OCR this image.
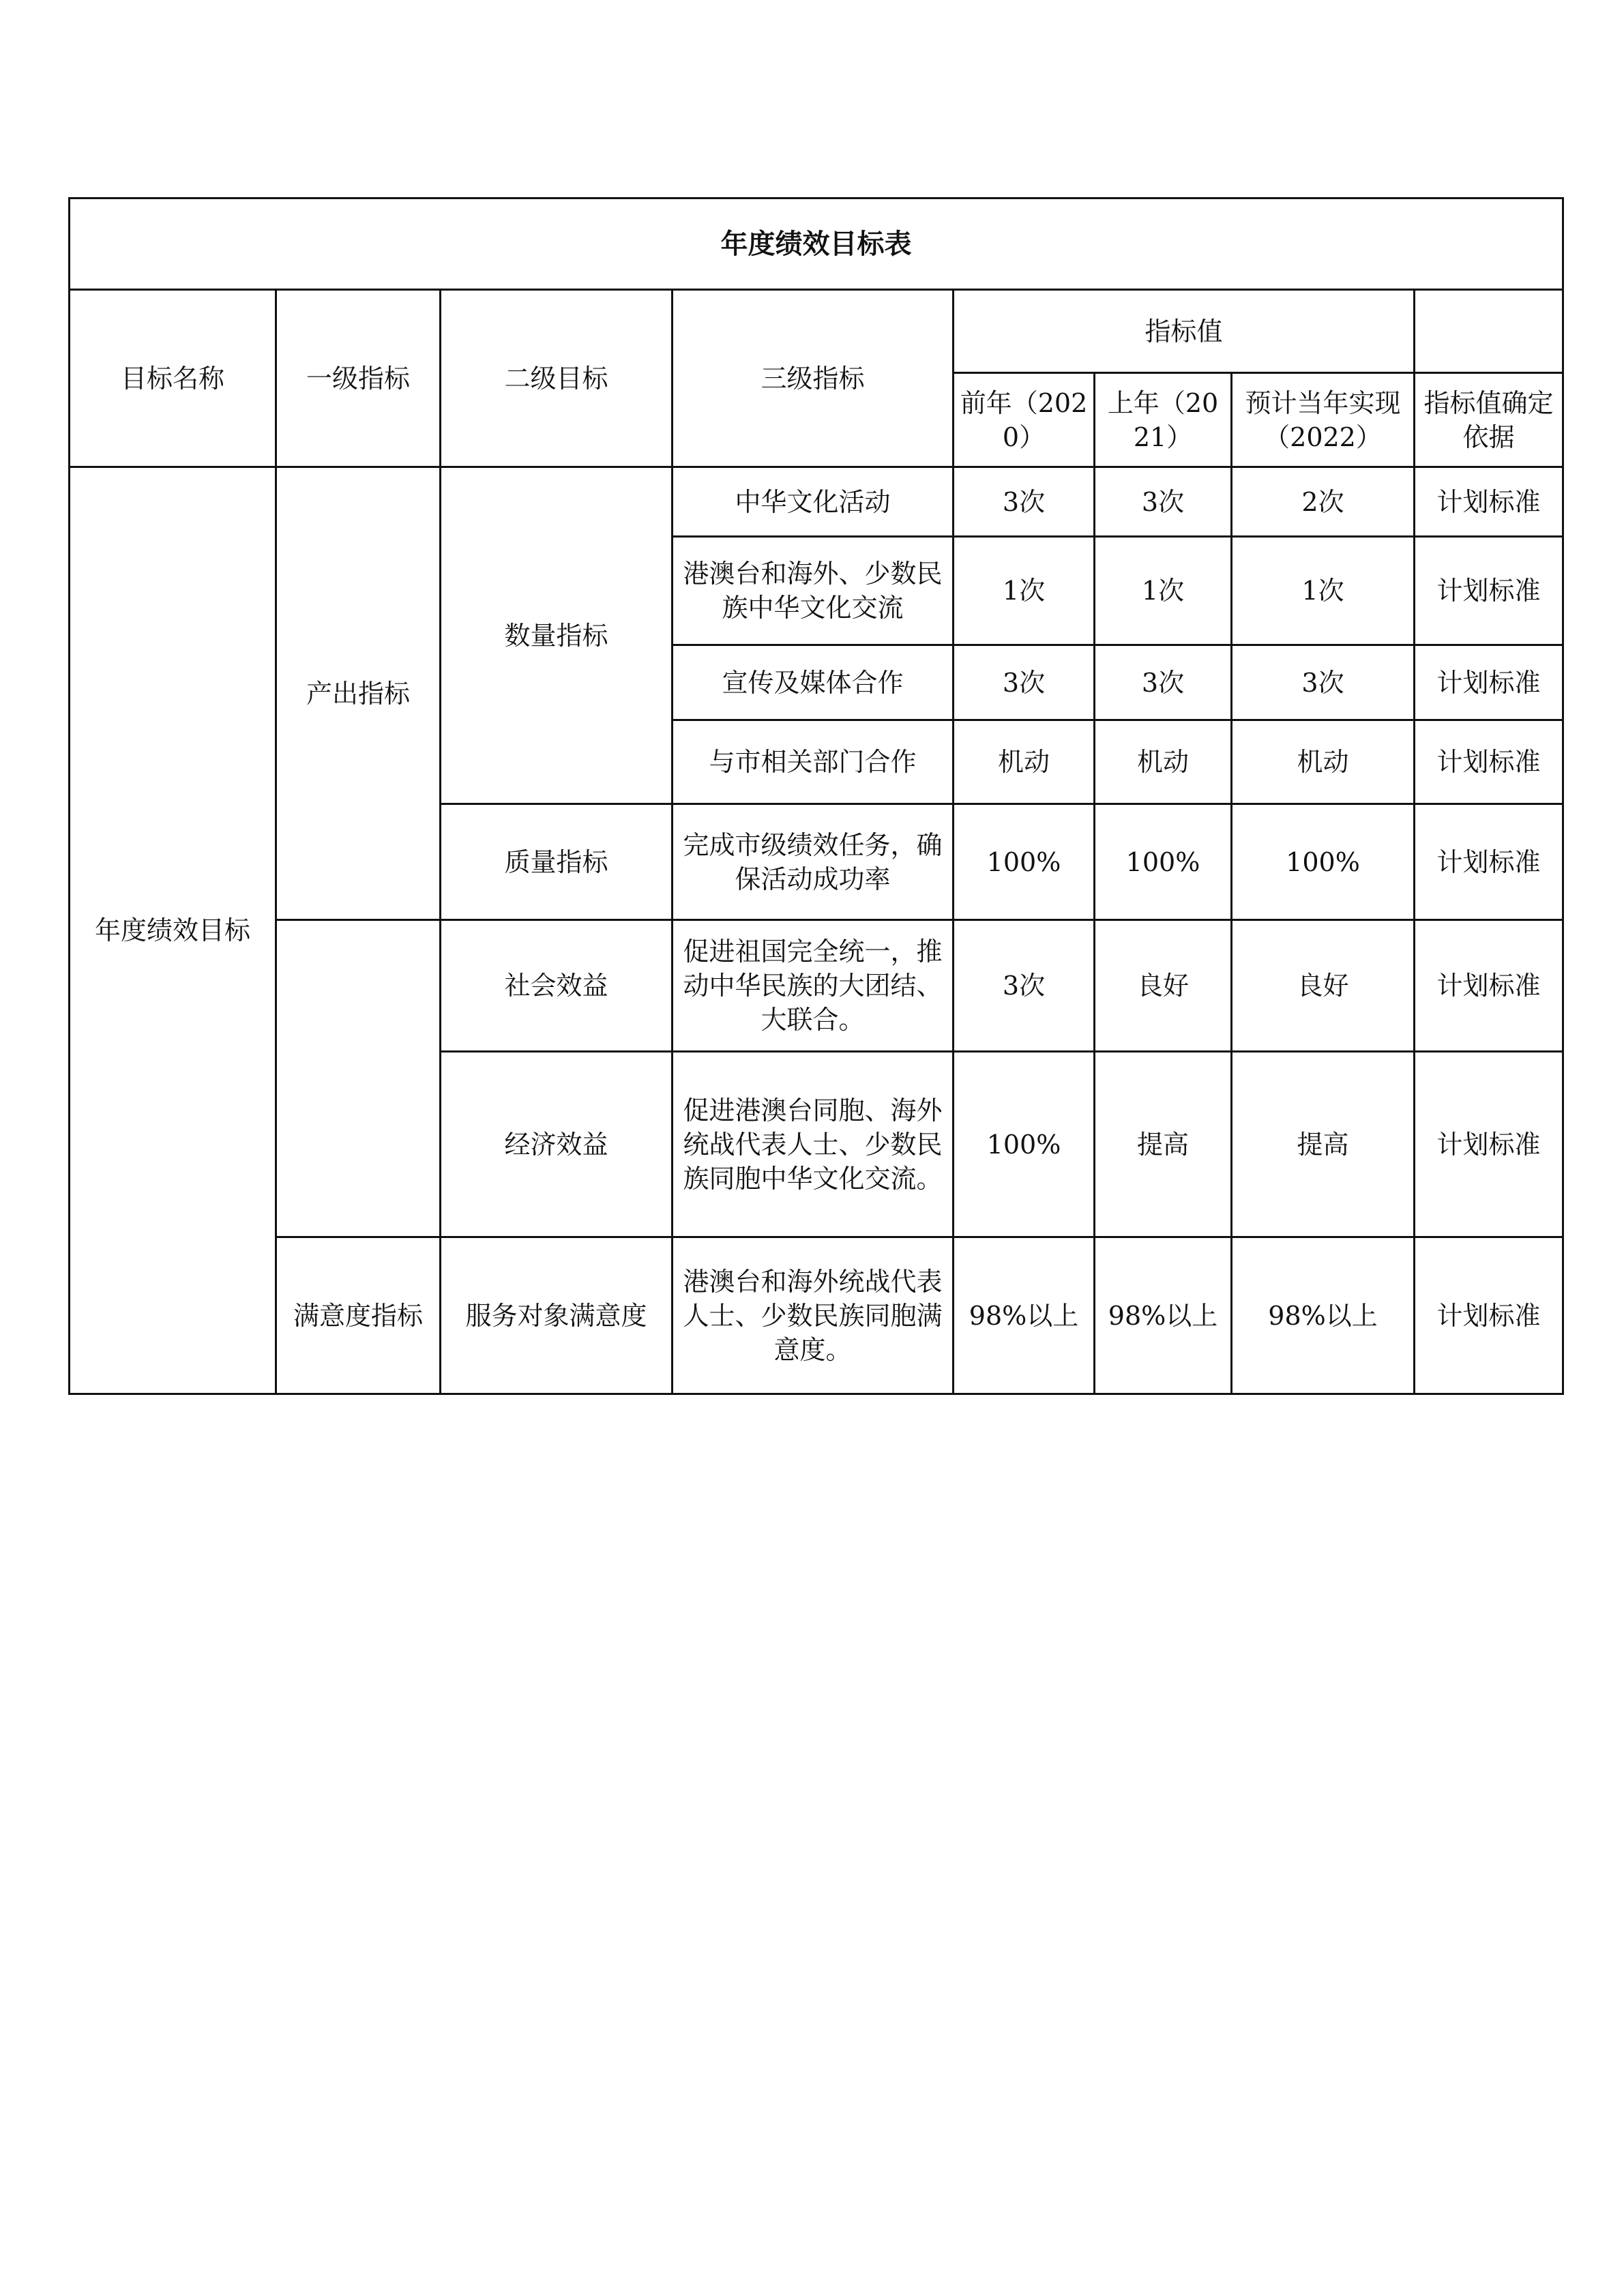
年度绩效目标表							
目标名称	一级指标	二级目标	三级指标	指标值			
				前年（2020）	上年（2021）	预计当年实现（2022）	指标值确定依据
年度绩效目标	产出指标	数量指标	中华文化活动	3次	3次	2次	计划标准
			港澳台和海外、少数民族中华文化交流	1次	1次	1次	计划标准
			宣传及媒体合作	3次	3次	3次	计划标准
			与市相关部门合作	机动	机动	机动	计划标准
		质量指标	完成市级绩效任务，确保活动成功率	100%	100%	100%	计划标准
		社会效益	促进祖国完全统一，推动中华民族的大团结、大联合。	3次	良好	良好	计划标准
		经济效益	促进港澳台同胞、海外统战代表人士、少数民族同胞中华文化交流。	100%	提高	提高	计划标准
	满意度指标	服务对象满意度	港澳台和海外统战代表人士、少数民族同胞满意度。	98%以上	98%以上	98%以上	计划标准
